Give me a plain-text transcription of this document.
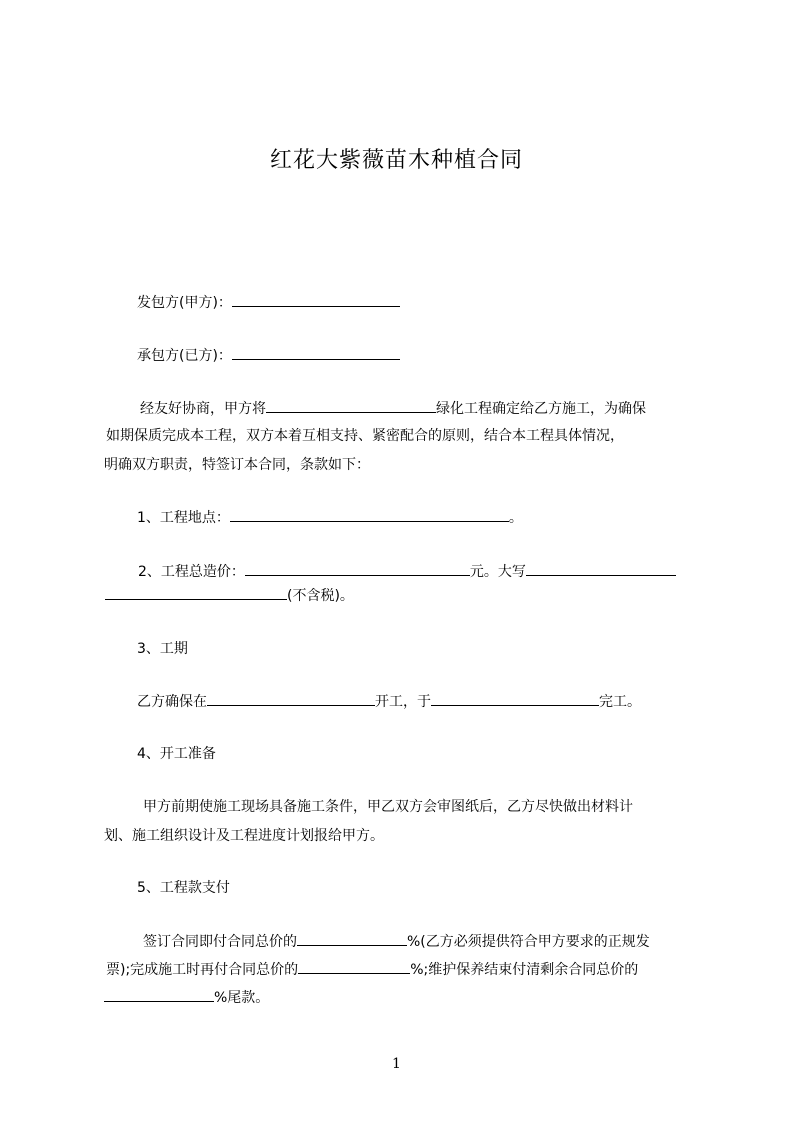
红花大紫薇苗木种植合同
发包方(甲方)：
承包方(已方)：
经友好协商，甲方将	绿化工程确定给乙方施工，为确保
如期保质完成本工程，双方本着互相支持、紧密配合的原则，结合本工程具体情况，
明确双方职责，特签订本合同，条款如下：
1、工程地点：	。
2、工程总造价：	元。大写
(不含税)。
3、工期
乙方确保在	开工，于	完工。
4、开工准备
甲方前期使施工现场具备施工条件，甲乙双方会审图纸后，乙方尽快做出材料计
划、施工组织设计及工程进度计划报给甲方。
5、工程款支付
签订合同即付合同总价的	%(乙方必须提供符合甲方要求的正规发
票);完成施工时再付合同总价的	%;维护保养结束付清剩余合同总价的
%尾款。
1
